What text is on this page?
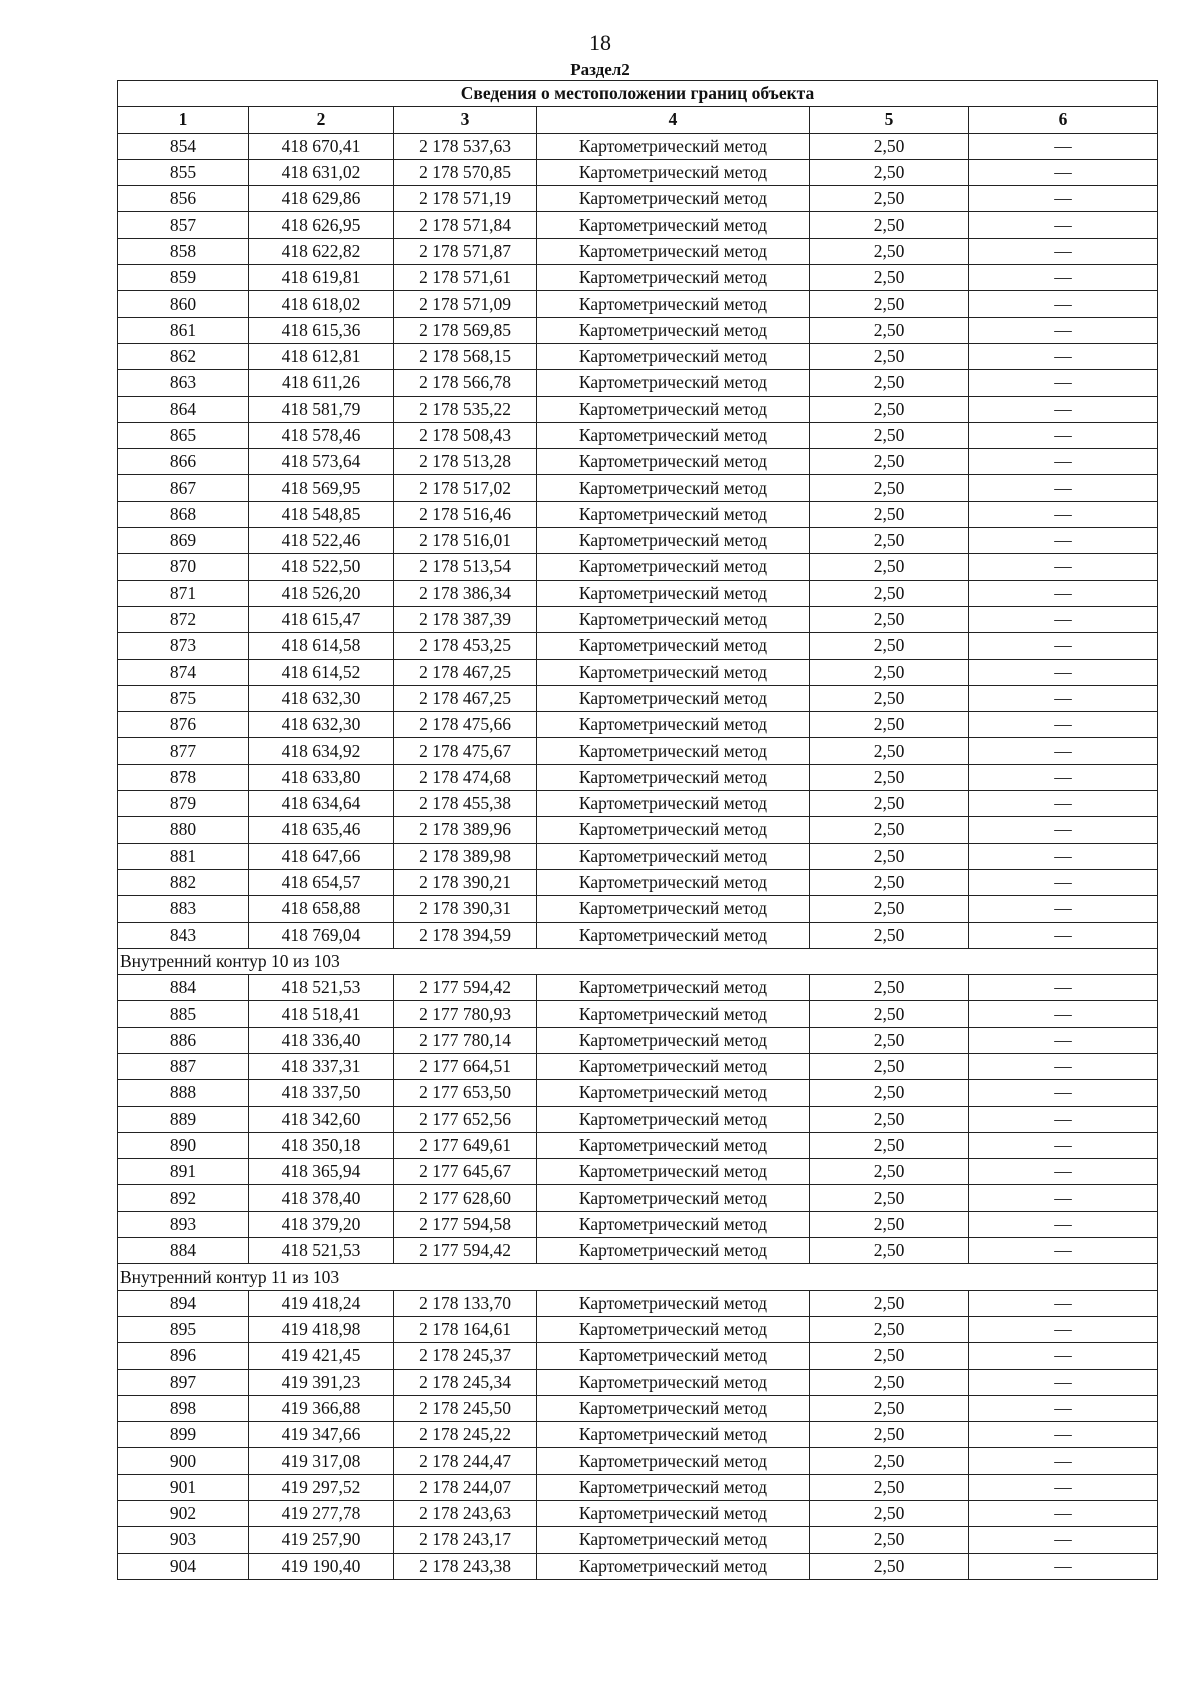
18
Раздел2
Сведения о местоположении границ объекта					
1	2	3	4	5	6
854	418 670,41	2 178 537,63	Картометрический метод	2,50	—
855	418 631,02	2 178 570,85	Картометрический метод	2,50	—
856	418 629,86	2 178 571,19	Картометрический метод	2,50	—
857	418 626,95	2 178 571,84	Картометрический метод	2,50	—
858	418 622,82	2 178 571,87	Картометрический метод	2,50	—
859	418 619,81	2 178 571,61	Картометрический метод	2,50	—
860	418 618,02	2 178 571,09	Картометрический метод	2,50	—
861	418 615,36	2 178 569,85	Картометрический метод	2,50	—
862	418 612,81	2 178 568,15	Картометрический метод	2,50	—
863	418 611,26	2 178 566,78	Картометрический метод	2,50	—
864	418 581,79	2 178 535,22	Картометрический метод	2,50	—
865	418 578,46	2 178 508,43	Картометрический метод	2,50	—
866	418 573,64	2 178 513,28	Картометрический метод	2,50	—
867	418 569,95	2 178 517,02	Картометрический метод	2,50	—
868	418 548,85	2 178 516,46	Картометрический метод	2,50	—
869	418 522,46	2 178 516,01	Картометрический метод	2,50	—
870	418 522,50	2 178 513,54	Картометрический метод	2,50	—
871	418 526,20	2 178 386,34	Картометрический метод	2,50	—
872	418 615,47	2 178 387,39	Картометрический метод	2,50	—
873	418 614,58	2 178 453,25	Картометрический метод	2,50	—
874	418 614,52	2 178 467,25	Картометрический метод	2,50	—
875	418 632,30	2 178 467,25	Картометрический метод	2,50	—
876	418 632,30	2 178 475,66	Картометрический метод	2,50	—
877	418 634,92	2 178 475,67	Картометрический метод	2,50	—
878	418 633,80	2 178 474,68	Картометрический метод	2,50	—
879	418 634,64	2 178 455,38	Картометрический метод	2,50	—
880	418 635,46	2 178 389,96	Картометрический метод	2,50	—
881	418 647,66	2 178 389,98	Картометрический метод	2,50	—
882	418 654,57	2 178 390,21	Картометрический метод	2,50	—
883	418 658,88	2 178 390,31	Картометрический метод	2,50	—
843	418 769,04	2 178 394,59	Картометрический метод	2,50	—
Внутренний контур 10 из 103					
884	418 521,53	2 177 594,42	Картометрический метод	2,50	—
885	418 518,41	2 177 780,93	Картометрический метод	2,50	—
886	418 336,40	2 177 780,14	Картометрический метод	2,50	—
887	418 337,31	2 177 664,51	Картометрический метод	2,50	—
888	418 337,50	2 177 653,50	Картометрический метод	2,50	—
889	418 342,60	2 177 652,56	Картометрический метод	2,50	—
890	418 350,18	2 177 649,61	Картометрический метод	2,50	—
891	418 365,94	2 177 645,67	Картометрический метод	2,50	—
892	418 378,40	2 177 628,60	Картометрический метод	2,50	—
893	418 379,20	2 177 594,58	Картометрический метод	2,50	—
884	418 521,53	2 177 594,42	Картометрический метод	2,50	—
Внутренний контур 11 из 103					
894	419 418,24	2 178 133,70	Картометрический метод	2,50	—
895	419 418,98	2 178 164,61	Картометрический метод	2,50	—
896	419 421,45	2 178 245,37	Картометрический метод	2,50	—
897	419 391,23	2 178 245,34	Картометрический метод	2,50	—
898	419 366,88	2 178 245,50	Картометрический метод	2,50	—
899	419 347,66	2 178 245,22	Картометрический метод	2,50	—
900	419 317,08	2 178 244,47	Картометрический метод	2,50	—
901	419 297,52	2 178 244,07	Картометрический метод	2,50	—
902	419 277,78	2 178 243,63	Картометрический метод	2,50	—
903	419 257,90	2 178 243,17	Картометрический метод	2,50	—
904	419 190,40	2 178 243,38	Картометрический метод	2,50	—
